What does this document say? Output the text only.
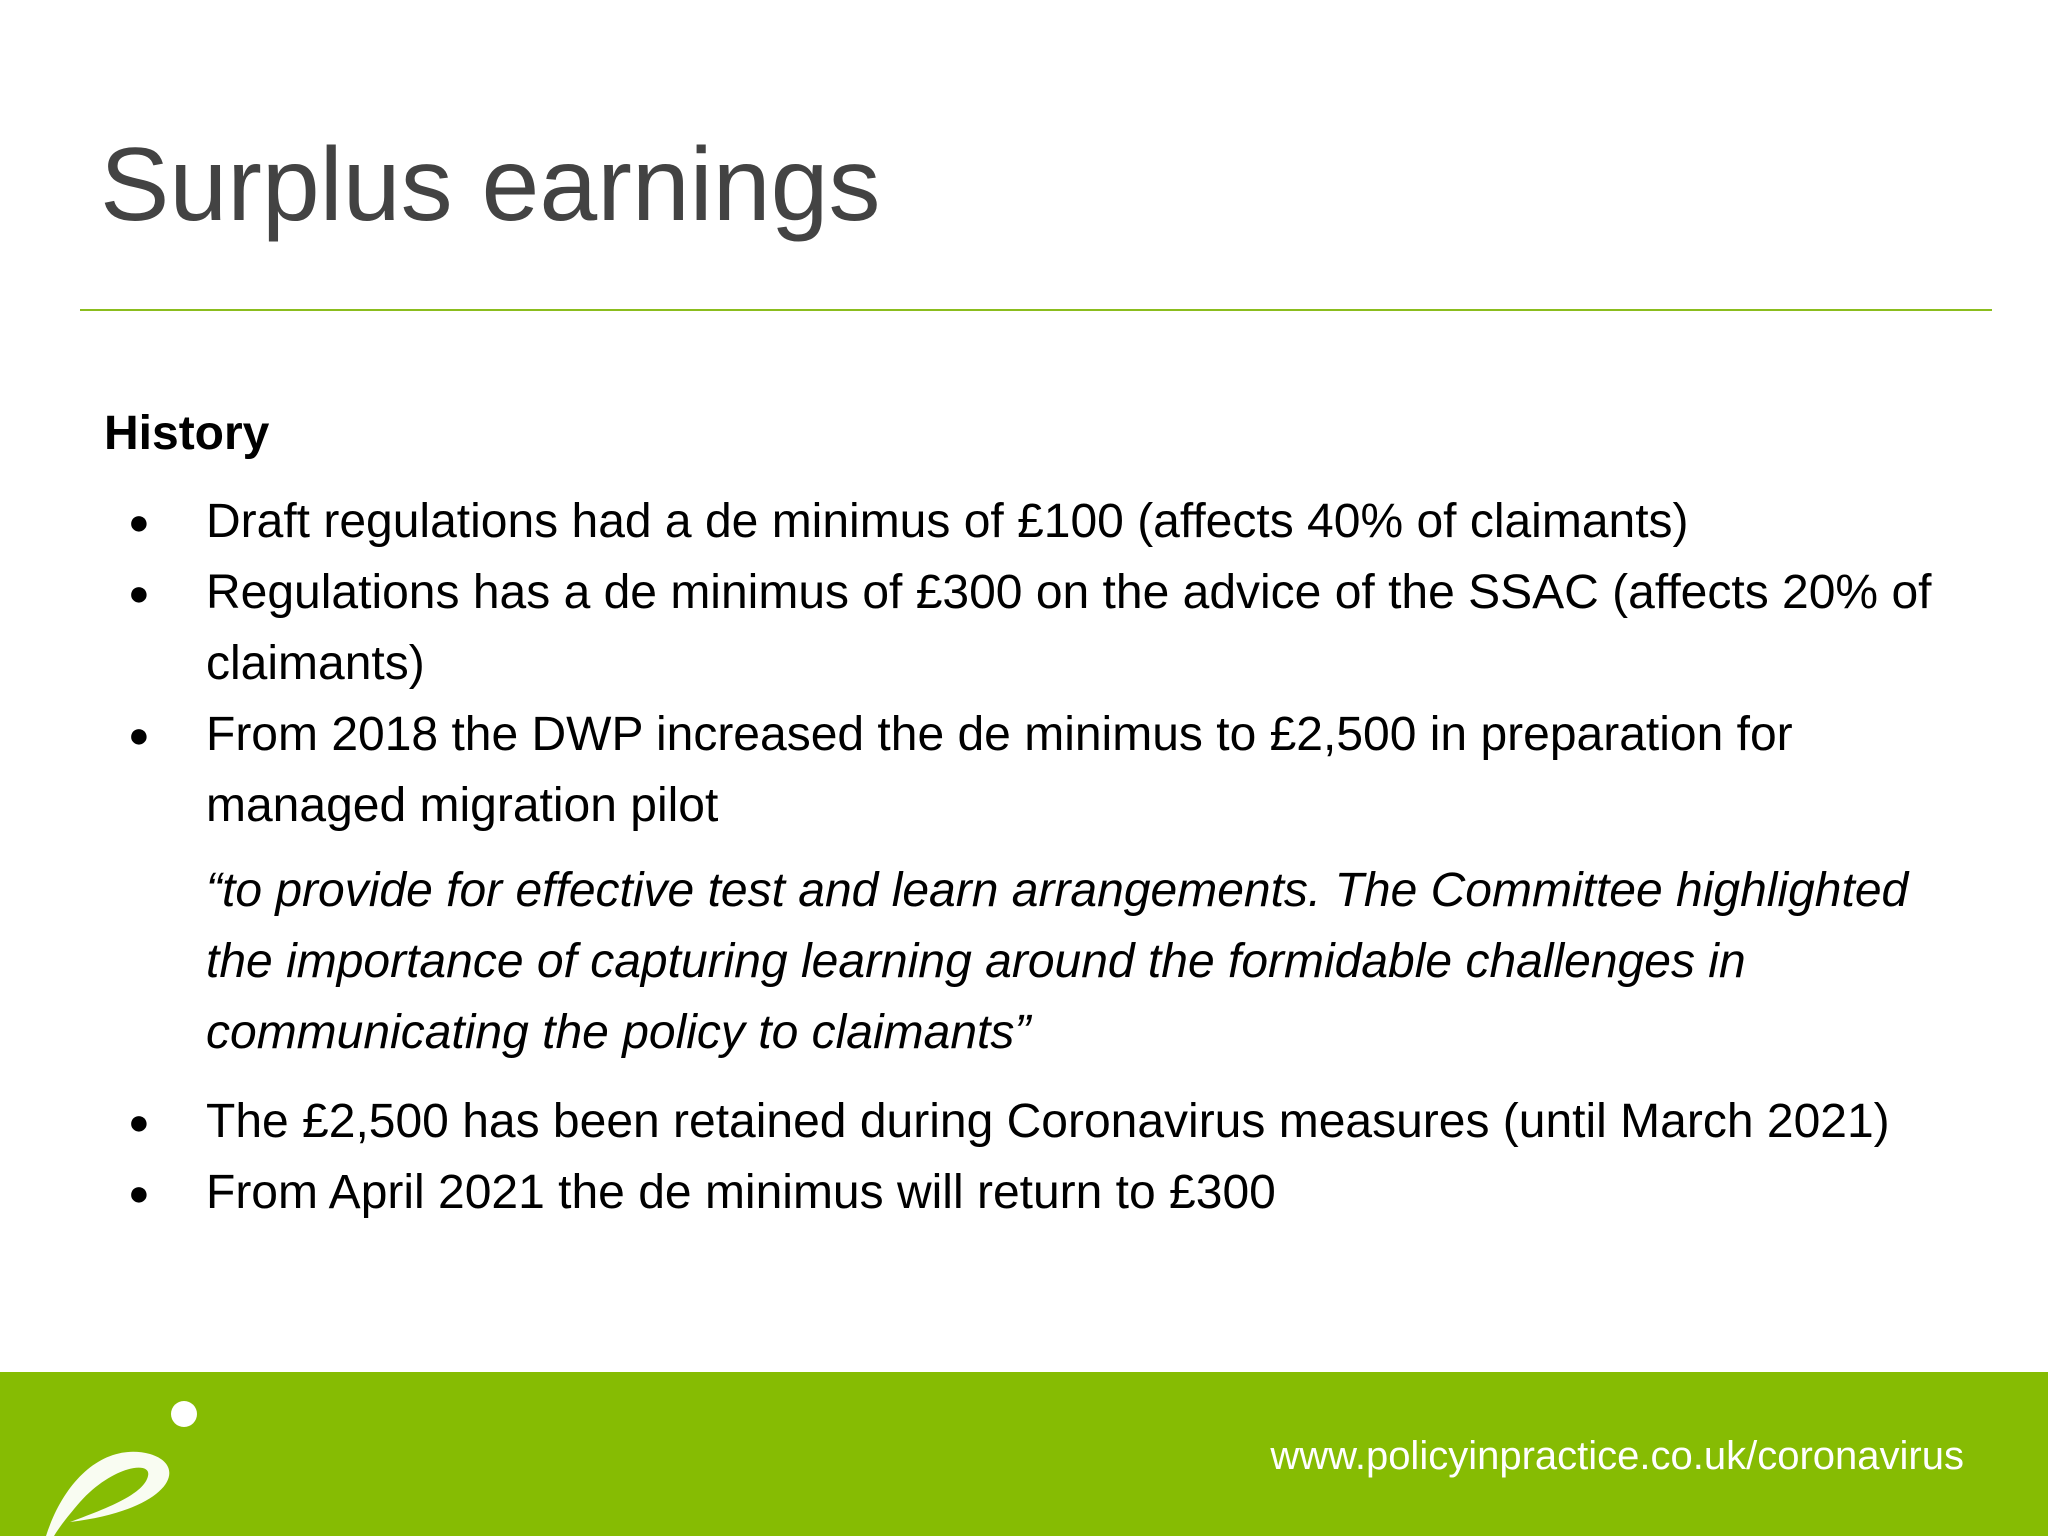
Surplus earnings
History
● Draft regulations had a de minimus of £100 (affects 40% of claimants)
● Regulations has a de minimus of £300 on the advice of the SSAC (affects 20% of claimants)
● From 2018 the DWP increased the de minimus to £2,500 in preparation for managed migration pilot
“to provide for effective test and learn arrangements. The Committee highlighted the importance of capturing learning around the formidable challenges in communicating the policy to claimants”
● The £2,500 has been retained during Coronavirus measures (until March 2021)
● From April 2021 the de minimus will return to £300
www.policyinpractice.co.uk/coronavirus
